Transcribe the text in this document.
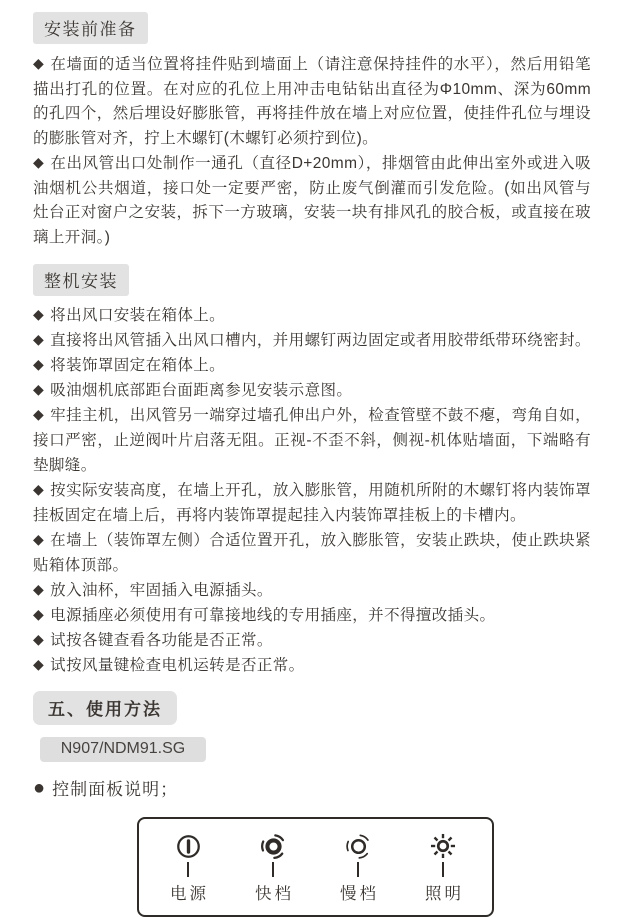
安装前准备

◆ 在墙面的适当位置将挂件贴到墙面上（请注意保持挂件的水平），然后用铅笔描出打孔的位置。在对应的孔位上用冲击电钻钻出直径为Φ10mm、深为60mm的孔四个，然后埋设好膨胀管，再将挂件放在墙上对应位置，使挂件孔位与埋设的膨胀管对齐，拧上木螺钉(木螺钉必须拧到位)。

◆ 在出风管出口处制作一通孔（直径D+20mm），排烟管由此伸出室外或进入吸油烟机公共烟道，接口处一定要严密，防止废气倒灌而引发危险。(如出风管与灶台正对窗户之安装，拆下一方玻璃，安装一块有排风孔的胶合板，或直接在玻璃上开洞。)

整机安装

◆ 将出风口安装在箱体上。

◆ 直接将出风管插入出风口槽内，并用螺钉两边固定或者用胶带纸带环绕密封。

◆ 将装饰罩固定在箱体上。

◆ 吸油烟机底部距台面距离参见安装示意图。

◆ 牢挂主机，出风管另一端穿过墙孔伸出户外，检查管壁不鼓不瘪，弯角自如，接口严密，止逆阀叶片启落无阻。正视-不歪不斜，侧视-机体贴墙面，下端略有垫脚缝。

◆ 按实际安装高度，在墙上开孔，放入膨胀管，用随机所附的木螺钉将内装饰罩挂板固定在墙上后，再将内装饰罩提起挂入内装饰罩挂板上的卡槽内。

◆ 在墙上（装饰罩左侧）合适位置开孔，放入膨胀管，安装止跌块，使止跌块紧贴箱体顶部。

◆ 放入油杯，牢固插入电源插头。

◆ 电源插座必须使用有可靠接地线的专用插座，并不得擅改插头。

◆ 试按各键查看各功能是否正常。

◆ 试按风量键检查电机运转是否正常。

五、使用方法
N907/NDM91.SG
● 控制面板说明；
电源	快档	慢档	照明
